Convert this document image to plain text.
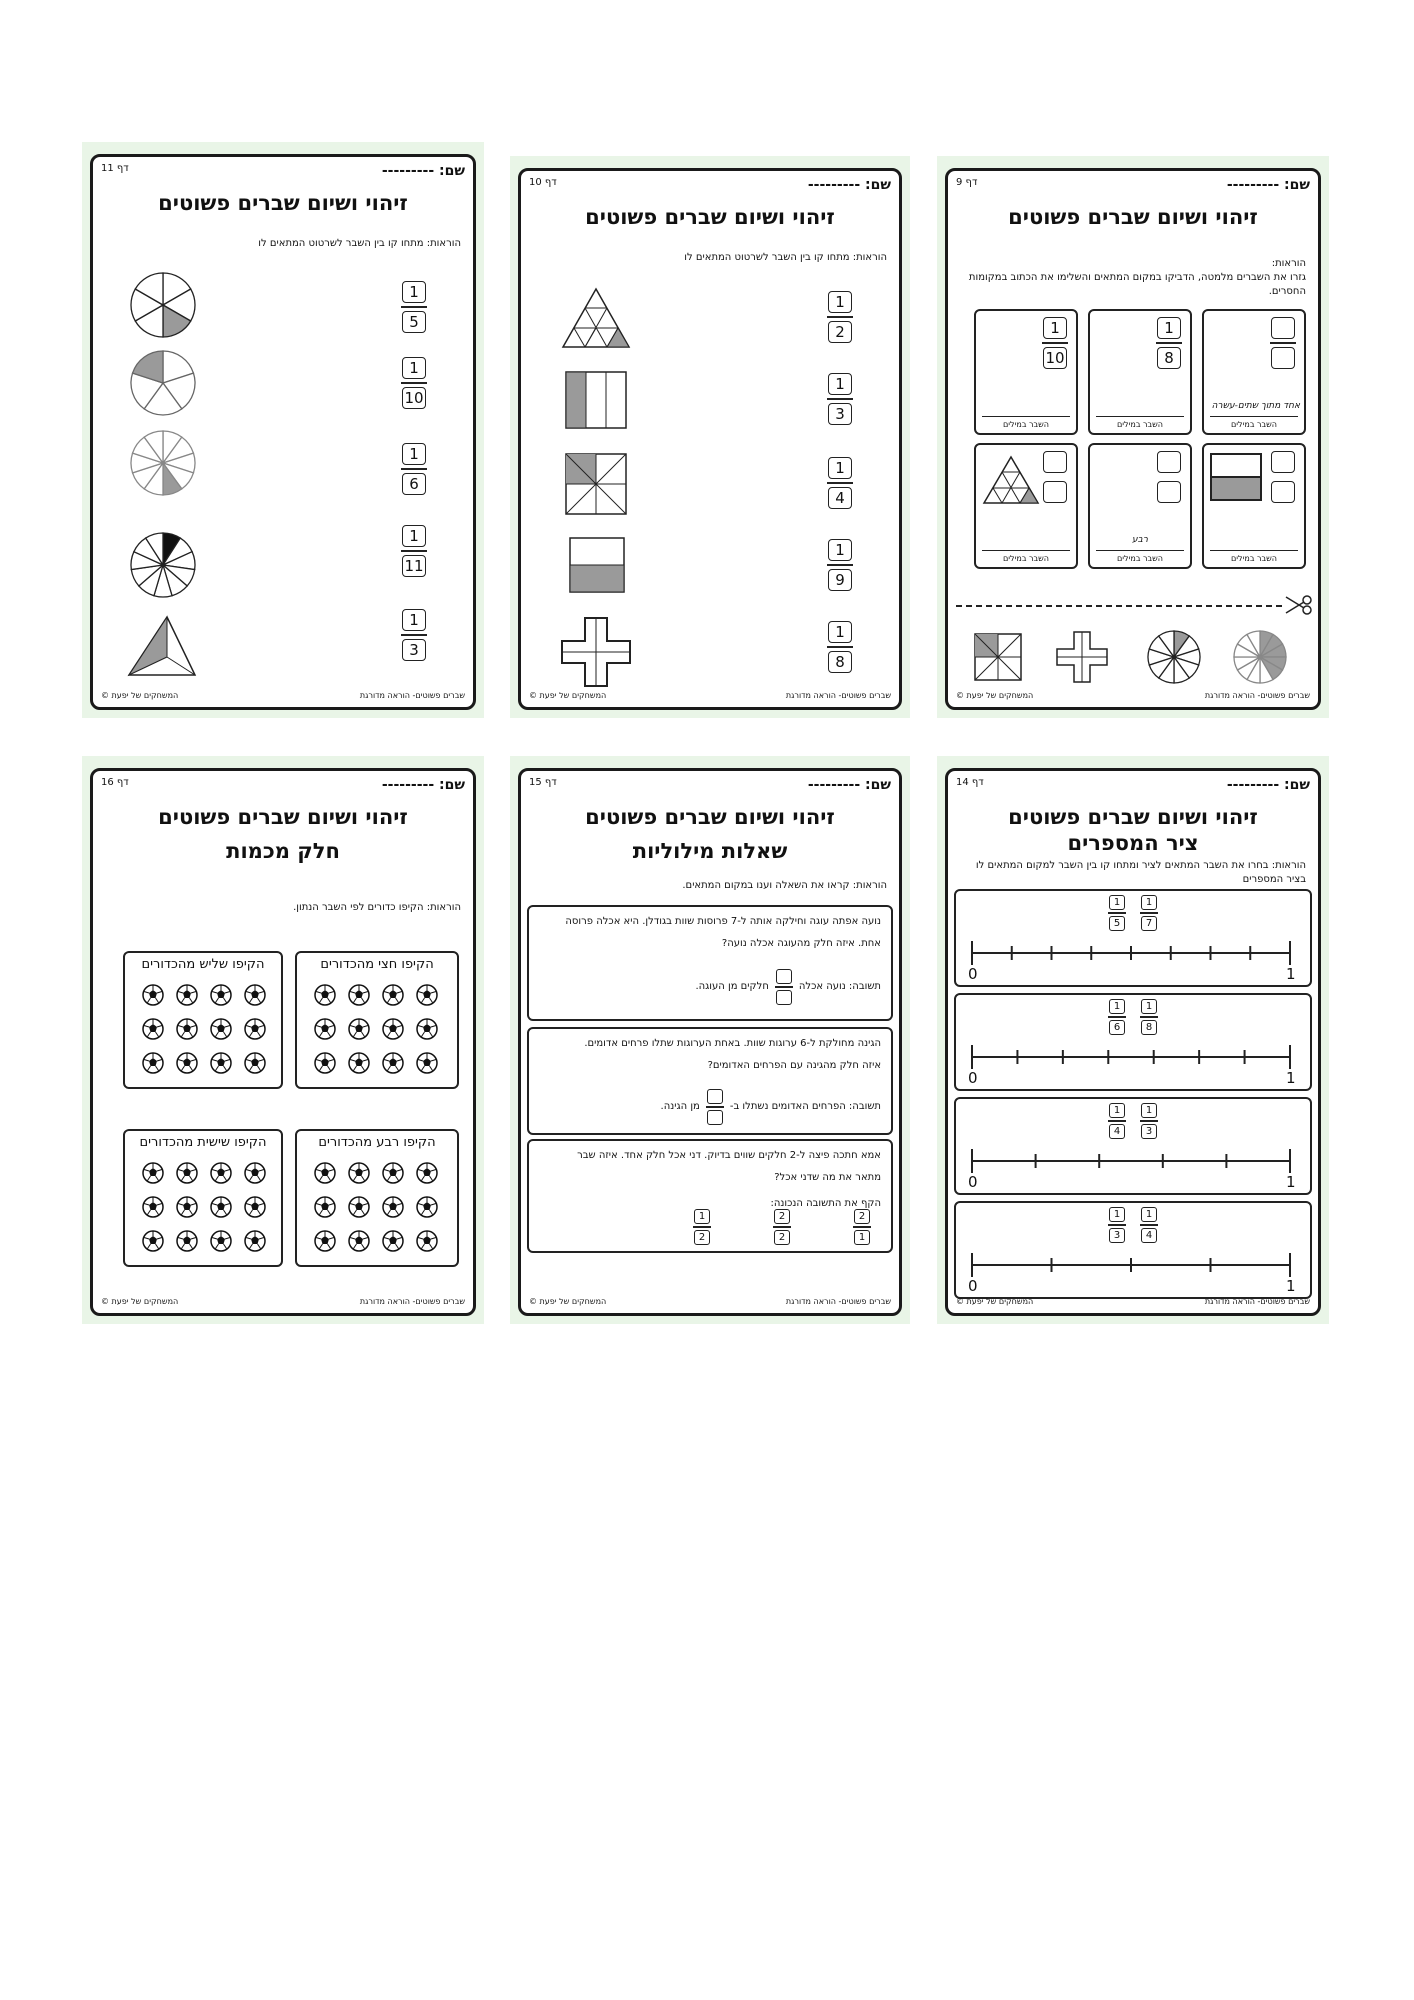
שם: ---------
דף 9
זיהוי ושיום שברים פשוטים
הוראות:
גזרו את השברים מלמטה, הדביקו במקום המתאים והשלימו את הכתוב במקומות החסרים.
אחד מתוך שתים-עשרה
השבר במילים
$\frac{1}{8}$
השבר במילים
$\frac{1}{10}$
השבר במילים
השבר במילים
רבע
השבר במילים
השבר במילים
שברים פשוטים- הוראה מדורגת
המשחקים של יפעת ©
שם: ---------
דף 10
זיהוי ושיום שברים פשוטים
הוראות: מתחו קו בין השבר לשרטוט המתאים לו
$\frac{1}{2}$
$\frac{1}{3}$
$\frac{1}{4}$
$\frac{1}{9}$
$\frac{1}{8}$
שברים פשוטים- הוראה מדורגת
המשחקים של יפעת ©
שם: ---------
דף 11
זיהוי ושיום שברים פשוטים
הוראות: מתחו קו בין השבר לשרטוט המתאים לו
$\frac{1}{5}$
$\frac{1}{10}$
$\frac{1}{6}$
$\frac{1}{11}$
$\frac{1}{3}$
שברים פשוטים- הוראה מדורגת
המשחקים של יפעת ©
שם: ---------
דף 14
זיהוי ושיום שברים פשוטים
ציר המספרים
הוראות: בחרו את השבר המתאים לציר ומתחו קו בין השבר למקום המתאים לו בציר המספרים
$\frac{1}{5} \frac{1}{7}$
0	1
$\frac{1}{6} \frac{1}{8}$
0	1
$\frac{1}{4} \frac{1}{3}$
0	1
$\frac{1}{3} \frac{1}{4}$
0	1
שברים פשוטים- הוראה מדורגת
המשחקים של יפעת ©
שם: ---------
דף 15
זיהוי ושיום שברים פשוטים
שאלות מילוליות
הוראות: קראו את השאלה וענו במקום המתאים.
נועה אפתה עוגה וחילקה אותה ל-7 פרוסות שוות בגודלן. היא אכלה פרוסה
אחת. איזה חלק מהעוגה אכלה נועה?
תשובה: נועה אכלה
חלקים מן העוגה.
הגינה מחולקת ל-6 ערוגות שוות. באחת הערוגות שתלו פרחים אדומים.
איזה חלק מהגינה עם הפרחים האדומים?
תשובה: הפרחים האדומים נשתלו ב-
מן הגינה.
אמא חתכה פיצה ל-2 חלקים שווים בדיוק. דני אכל חלק אחד. איזה שבר
מתאר את מה שדני אכל?
הקף את התשובה הנכונה:
$\frac{1}{2}$	$\frac{2}{2}$	$\frac{2}{1}$
שברים פשוטים- הוראה מדורגת
המשחקים של יפעת ©
שם: ---------
דף 16
זיהוי ושיום שברים פשוטים
חלק מכמות
הוראות: הקיפו כדורים לפי השבר הנתון.
הקיפו חצי מהכדורים
הקיפו שליש מהכדורים
הקיפו רבע מהכדורים
הקיפו שישית מהכדורים
שברים פשוטים- הוראה מדורגת
המשחקים של יפעת ©
